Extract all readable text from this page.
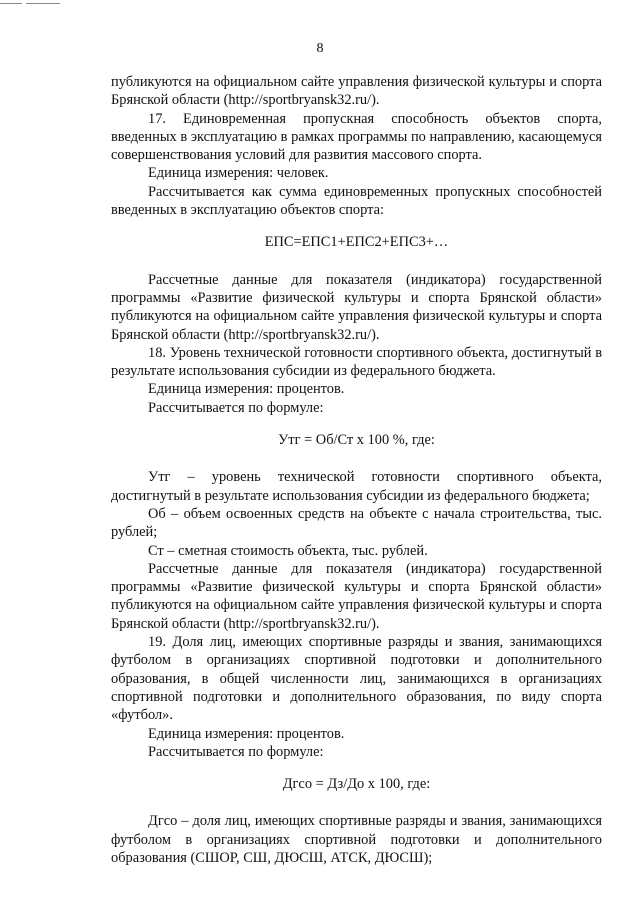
8

публикуются на официальном сайте управления физической культуры и спорта Брянской области (http://sportbryansk32.ru/).

17. Единовременная пропускная способность объектов спорта, введенных в эксплуатацию в рамках программы по направлению, касающемуся совершенствования условий для развития массового спорта.

Единица измерения: человек.

Рассчитывается как сумма единовременных пропускных способностей введенных в эксплуатацию объектов спорта:

ЕПС=ЕПС1+ЕПС2+ЕПС3+…

Рассчетные данные для показателя (индикатора) государственной программы «Развитие физической культуры и спорта Брянской области» публикуются на официальном сайте управления физической культуры и спорта Брянской области (http://sportbryansk32.ru/).

18. Уровень технической готовности спортивного объекта, достигнутый в результате использования субсидии из федерального бюджета.

Единица измерения: процентов.

Рассчитывается по формуле:

Утг = Об/Ст x 100 %, где:

Утг – уровень технической готовности спортивного объекта, достигнутый в результате использования субсидии из федерального бюджета;

Об – объем освоенных средств на объекте с начала строительства, тыс. рублей;

Ст – сметная стоимость объекта, тыс. рублей.

Рассчетные данные для показателя (индикатора) государственной программы «Развитие физической культуры и спорта Брянской области» публикуются на официальном сайте управления физической культуры и спорта Брянской области (http://sportbryansk32.ru/).

19. Доля лиц, имеющих спортивные разряды и звания, занимающихся футболом в организациях спортивной подготовки и дополнительного образования, в общей численности лиц, занимающихся в организациях спортивной подготовки и дополнительного образования, по виду спорта «футбол».

Единица измерения: процентов.

Рассчитывается по формуле:

Дгсо = Дз/До x 100, где:

Дгсо – доля лиц, имеющих спортивные разряды и звания, занимающихся футболом в организациях спортивной подготовки и дополнительного образования (СШОР, СШ, ДЮСШ, АТСК, ДЮСШ);
